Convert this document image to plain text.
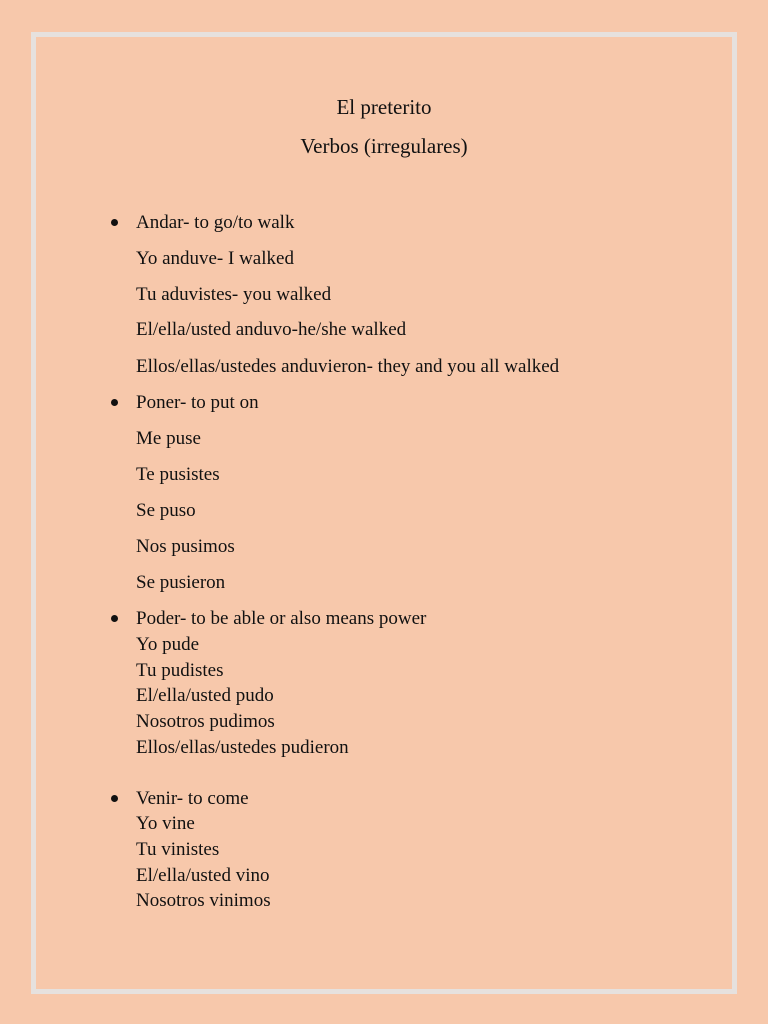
El preterito
Verbos (irregulares)
Andar- to go/to walk
Yo anduve- I walked
Tu aduvistes- you walked
El/ella/usted anduvo-he/she walked
Ellos/ellas/ustedes anduvieron- they and you all walked
Poner- to put on
Me puse
Te pusistes
Se puso
Nos pusimos
Se pusieron
Poder- to be able or also means power
Yo pude
Tu pudistes
El/ella/usted pudo
Nosotros pudimos
Ellos/ellas/ustedes pudieron
Venir- to come
Yo vine
Tu vinistes
El/ella/usted vino
Nosotros vinimos
